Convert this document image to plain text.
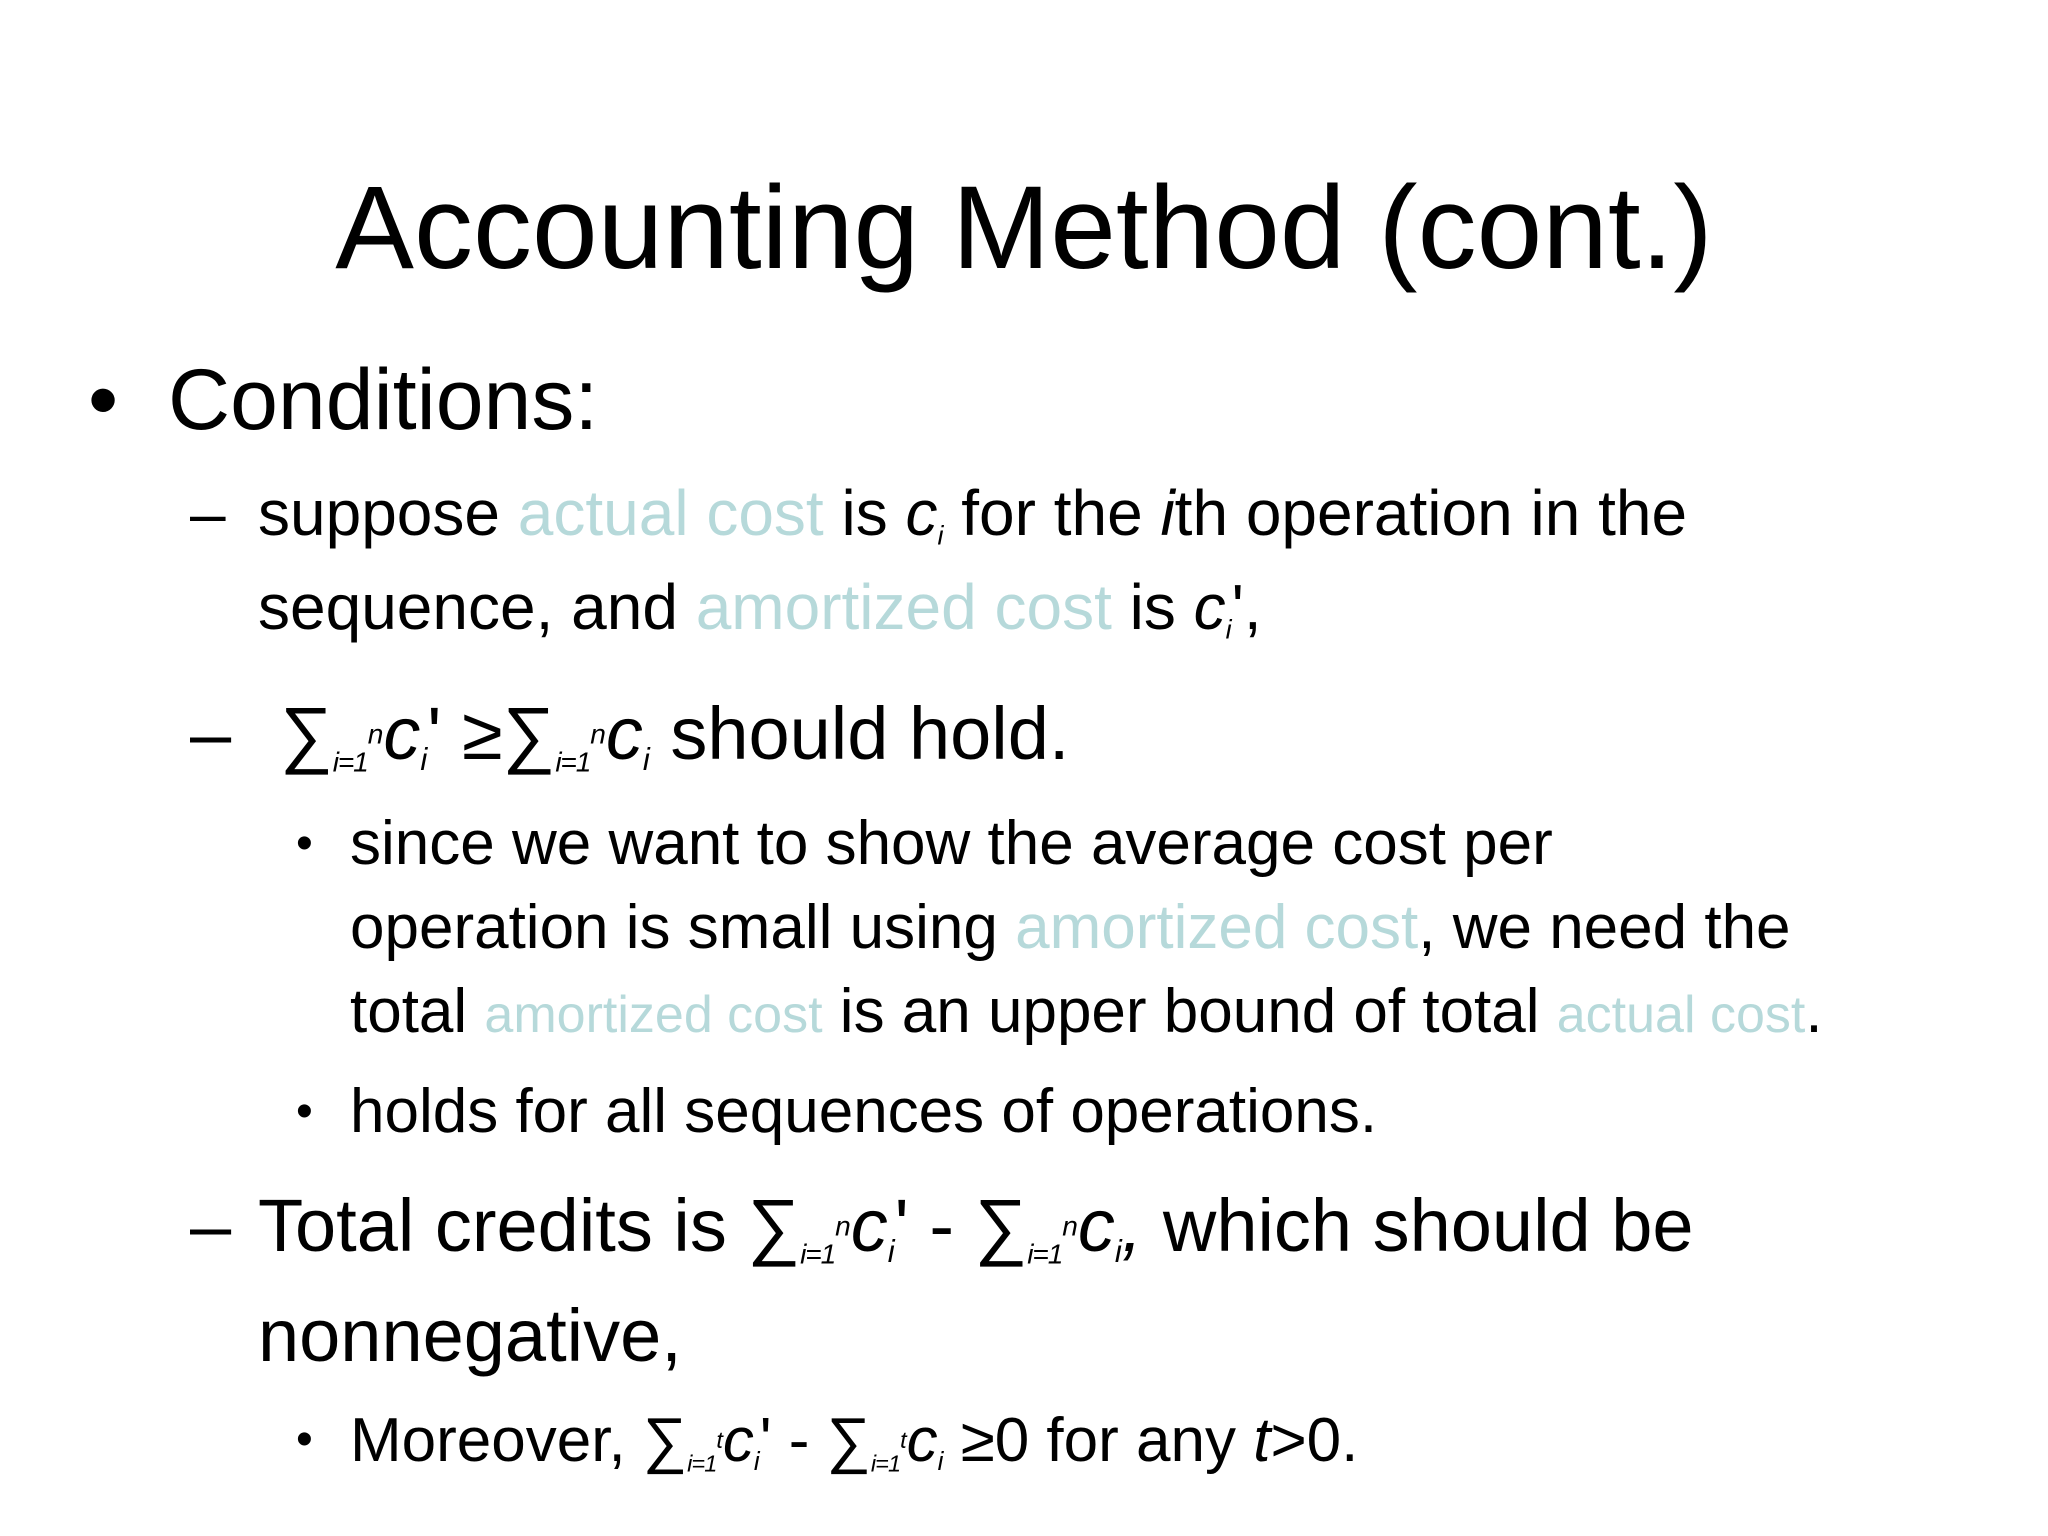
Accounting Method (cont.)
• Conditions:
– suppose actual cost is ci for the ith operation in the
sequence, and amortized cost is ci',
– $\sum i=1^nci' \ge\sum i=1^nci$ should hold.
• since we want to show the average cost per
operation is small using amortized cost, we need the
total amortized cost is an upper bound of total actual cost.
• holds for all sequences of operations.
– Total credits is $\sum i=1^nci' - \sum i=1^nci$, which should be
nonnegative,
• Moreover, $\sum i=1^tci' - \sum i=1^tci \ge 0$ for any t>0.
